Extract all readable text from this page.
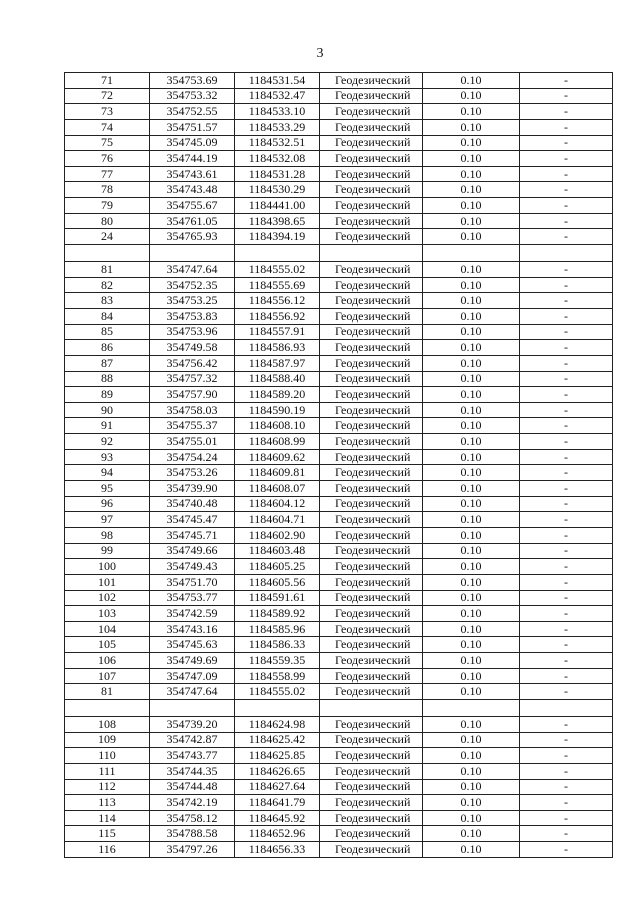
3
71	354753.69	1184531.54	Геодезический	0.10	-
72	354753.32	1184532.47	Геодезический	0.10	-
73	354752.55	1184533.10	Геодезический	0.10	-
74	354751.57	1184533.29	Геодезический	0.10	-
75	354745.09	1184532.51	Геодезический	0.10	-
76	354744.19	1184532.08	Геодезический	0.10	-
77	354743.61	1184531.28	Геодезический	0.10	-
78	354743.48	1184530.29	Геодезический	0.10	-
79	354755.67	1184441.00	Геодезический	0.10	-
80	354761.05	1184398.65	Геодезический	0.10	-
24	354765.93	1184394.19	Геодезический	0.10	-

81	354747.64	1184555.02	Геодезический	0.10	-
82	354752.35	1184555.69	Геодезический	0.10	-
83	354753.25	1184556.12	Геодезический	0.10	-
84	354753.83	1184556.92	Геодезический	0.10	-
85	354753.96	1184557.91	Геодезический	0.10	-
86	354749.58	1184586.93	Геодезический	0.10	-
87	354756.42	1184587.97	Геодезический	0.10	-
88	354757.32	1184588.40	Геодезический	0.10	-
89	354757.90	1184589.20	Геодезический	0.10	-
90	354758.03	1184590.19	Геодезический	0.10	-
91	354755.37	1184608.10	Геодезический	0.10	-
92	354755.01	1184608.99	Геодезический	0.10	-
93	354754.24	1184609.62	Геодезический	0.10	-
94	354753.26	1184609.81	Геодезический	0.10	-
95	354739.90	1184608.07	Геодезический	0.10	-
96	354740.48	1184604.12	Геодезический	0.10	-
97	354745.47	1184604.71	Геодезический	0.10	-
98	354745.71	1184602.90	Геодезический	0.10	-
99	354749.66	1184603.48	Геодезический	0.10	-
100	354749.43	1184605.25	Геодезический	0.10	-
101	354751.70	1184605.56	Геодезический	0.10	-
102	354753.77	1184591.61	Геодезический	0.10	-
103	354742.59	1184589.92	Геодезический	0.10	-
104	354743.16	1184585.96	Геодезический	0.10	-
105	354745.63	1184586.33	Геодезический	0.10	-
106	354749.69	1184559.35	Геодезический	0.10	-
107	354747.09	1184558.99	Геодезический	0.10	-
81	354747.64	1184555.02	Геодезический	0.10	-

108	354739.20	1184624.98	Геодезический	0.10	-
109	354742.87	1184625.42	Геодезический	0.10	-
110	354743.77	1184625.85	Геодезический	0.10	-
111	354744.35	1184626.65	Геодезический	0.10	-
112	354744.48	1184627.64	Геодезический	0.10	-
113	354742.19	1184641.79	Геодезический	0.10	-
114	354758.12	1184645.92	Геодезический	0.10	-
115	354788.58	1184652.96	Геодезический	0.10	-
116	354797.26	1184656.33	Геодезический	0.10	-
